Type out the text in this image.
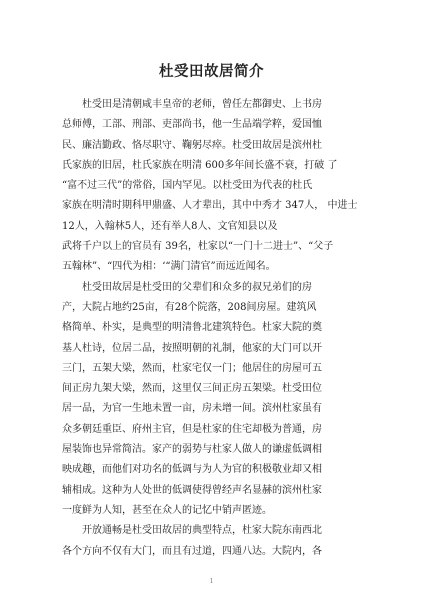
杜受田故居简介
杜受田是清朝咸丰皇帝的老师，曾任左都御史、上书房
总师傅，工部、刑部、吏部尚书，他一生品端学粹，爱国恤
民、廉洁勤政、恪尽职守、鞠躬尽瘁。杜受田故居是滨州杜
氏家族的旧居，杜氏家族在明清 600多年间长盛不衰，打破 了
“富不过三代”的常俗，国内罕见。以杜受田为代表的杜氏
家族在明清时期科甲鼎盛、人才辈出，其中中秀才 347人， 中进士
12人，入翰林5人，还有举人8人、文官知县以及
武将千户以上的官员有 39名，杜家以“一门十二进士”、“父子
五翰林”、“四代为相：‘“满门清官”而远近闻名。
杜受田故居是杜受田的父辈们和众多的叔兄弟们的房
产，大院占地约25亩，有28个院落，208间房屋。建筑风
格简单、朴实，是典型的明清鲁北建筑特色。杜家大院的奠
基人杜诗，位居二品，按照明朝的礼制，他家的大门可以开
三门，五架大梁，然而，杜家宅仅一门；他居住的房屋可五
间正房九架大梁，然而，这里仅三间正房五架梁。杜受田位
居一品，为官一生地未置一亩，房未增一间。滨州杜家虽有
众多朝廷重臣、府州主官，但是杜家的住宅却极为普通，房
屋装饰也异常简洁。家产的弱势与杜家人做人的谦虚低调相
映成趣，而他们对功名的低调与为人为官的积极敬业却又相
辅相成。这种为人处世的低调使得曾经声名显赫的滨州杜家
一度鲜为人知，甚至在众人的记忆中销声匿迹。
开放通畅是杜受田故居的典型特点，杜家大院东南西北
各个方向不仅有大门，而且有过道，四通八达。大院内，各
1
